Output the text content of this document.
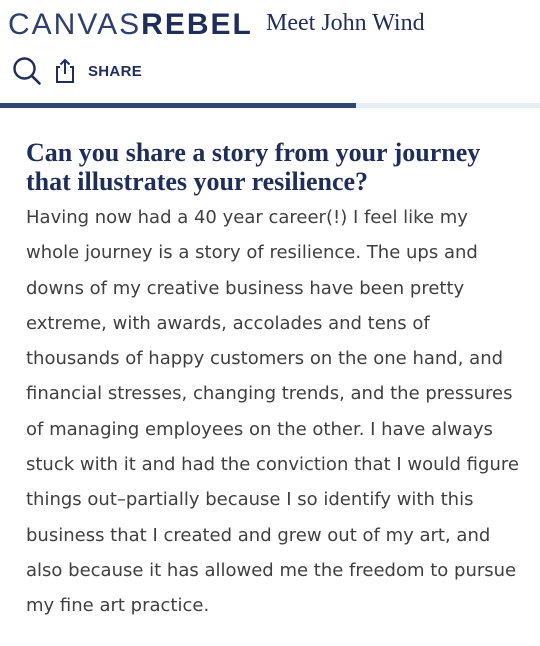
CANVAS REBEL Meet John Wind
SHARE
Can you share a story from your journey that illustrates your resilience?

Having now had a 40 year career(!) I feel like my whole journey is a story of resilience. The ups and downs of my creative business have been pretty extreme, with awards, accolades and tens of thousands of happy customers on the one hand, and financial stresses, changing trends, and the pressures of managing employees on the other. I have always stuck with it and had the conviction that I would figure things out–partially because I so identify with this business that I created and grew out of my art, and also because it has allowed me the freedom to pursue my fine art practice.
